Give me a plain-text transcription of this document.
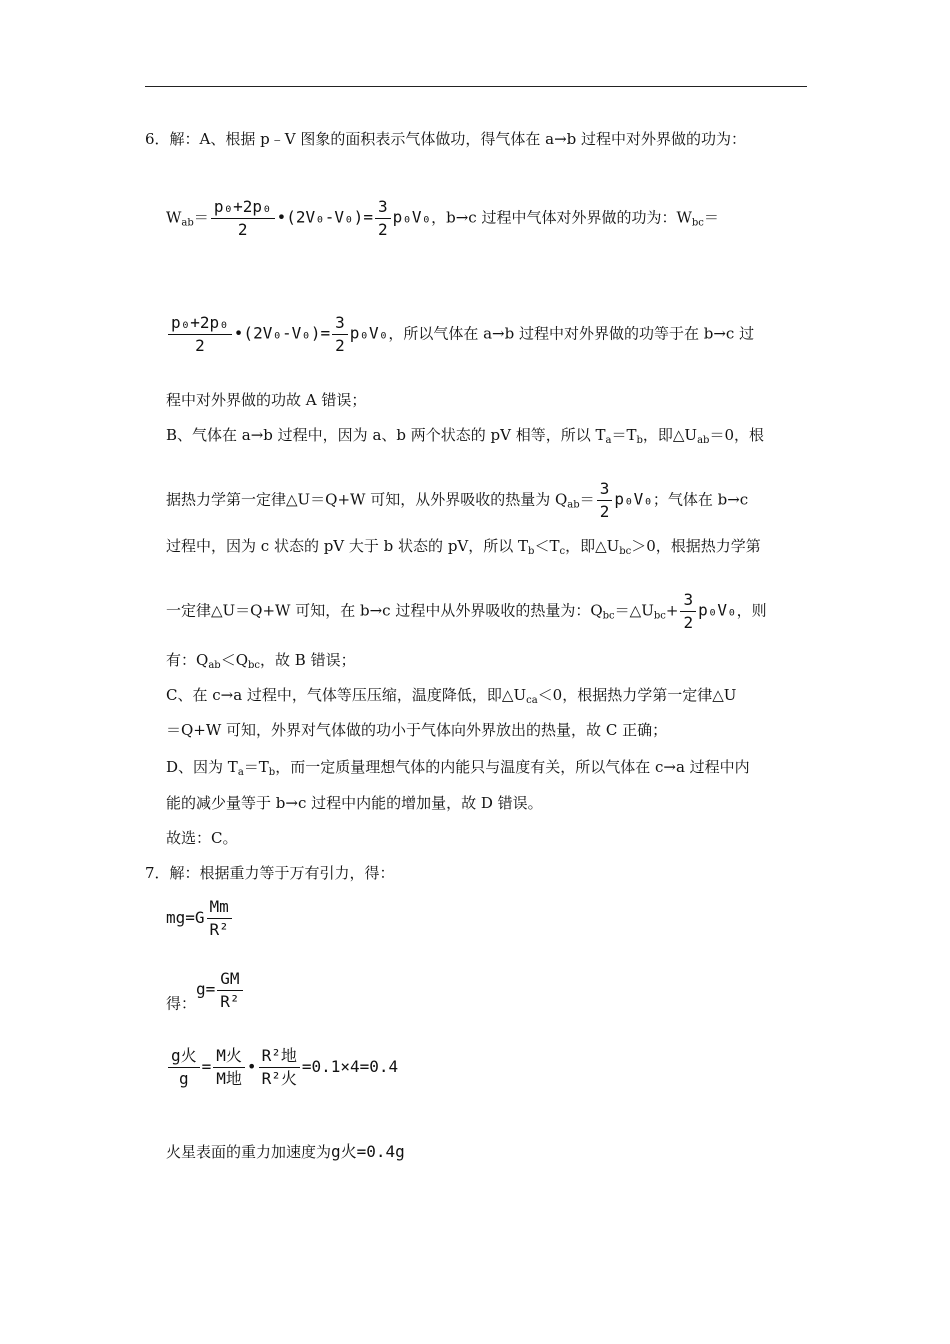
6．解：A、根据 p﹣V 图象的面积表示气体做功，得气体在 a→b 过程中对外界做的功为：
$W_{ab}= \frac{\text{p₀+2p₀}}{2}$ •(2V₀-V₀)= $\frac{3}{2} p_0V_0$，b→c 过程中气体对外界做的功为：$W_{bc}=$
$\frac{\text{p₀+2p₀}}{2}$ •(2V₀-V₀)= $\frac{3}{2} p_0V_0$，所以气体在 a→b 过程中对外界做的功等于在 b→c 过
程中对外界做的功故 A 错误；
B、气体在 a→b 过程中，因为 a、b 两个状态的 pV 相等，所以 $T_a=T_b$，即$\triangle U_{ab}=0$，根
据热力学第一定律△U＝Q+W 可知，从外界吸收的热量为 $Q_{ab}= \frac{3}{2} p_0V_0$；气体在 b→c
过程中，因为 c 状态的 pV 大于 b 状态的 pV，所以 $T_b<T_c$，即$\triangle U_{bc}>0$，根据热力学第
一定律△U＝Q+W 可知，在 b→c 过程中从外界吸收的热量为：$Q_{bc}=\triangle U_{bc}+ \frac{3}{2} p_0V_0$，则
有：$Q_{ab}<Q_{bc}$，故 B 错误；
C、在 c→a 过程中，气体等压压缩，温度降低，即$\triangle U_{ca}<0$，根据热力学第一定律△U
＝Q+W 可知，外界对气体做的功小于气体向外界放出的热量，故 C 正确；
D、因为 $T_a=T_b$，而一定质量理想气体的内能只与温度有关，所以气体在 c→a 过程中内
能的减少量等于 b→c 过程中内能的增加量，故 D 错误。
故选：C。
7．解：根据重力等于万有引力，得：
$mg=G \frac{Mm}{\text{R²}}$
得：$g= \frac{GM}{\text{R²}}$
$\frac{\text{g火}}{g} = \frac{\text{M火}}{\text{M地}}$ • $\frac{\text{R²地}}{\text{R²火}} =0.1\times 4=0.4$
火星表面的重力加速度为g火=0.4g
